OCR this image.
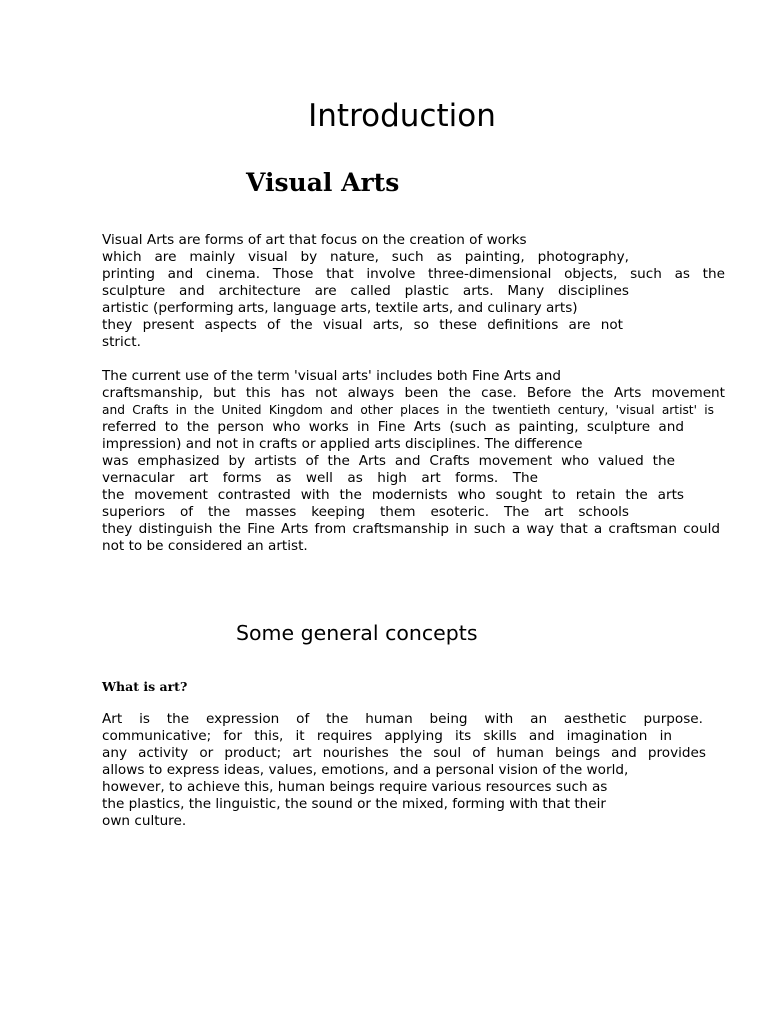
Introduction
Visual Arts
Visual Arts are forms of art that focus on the creation of works
which are mainly visual by nature, such as painting, photography,
printing and cinema. Those that involve three-dimensional objects, such as the
sculpture and architecture are called plastic arts. Many disciplines
artistic (performing arts, language arts, textile arts, and culinary arts)
they present aspects of the visual arts, so these definitions are not
strict.
The current use of the term 'visual arts' includes both Fine Arts and
craftsmanship, but this has not always been the case. Before the Arts movement
and Crafts in the United Kingdom and other places in the twentieth century, 'visual artist' is
referred to the person who works in Fine Arts (such as painting, sculpture and
impression) and not in crafts or applied arts disciplines. The difference
was emphasized by artists of the Arts and Crafts movement who valued the
vernacular art forms as well as high art forms. The
the movement contrasted with the modernists who sought to retain the arts
superiors of the masses keeping them esoteric. The art schools
they distinguish the Fine Arts from craftsmanship in such a way that a craftsman could
not to be considered an artist.
Some general concepts
What is art?
Art is the expression of the human being with an aesthetic purpose.
communicative; for this, it requires applying its skills and imagination in
any activity or product; art nourishes the soul of human beings and provides
allows to express ideas, values, emotions, and a personal vision of the world,
however, to achieve this, human beings require various resources such as
the plastics, the linguistic, the sound or the mixed, forming with that their
own culture.
